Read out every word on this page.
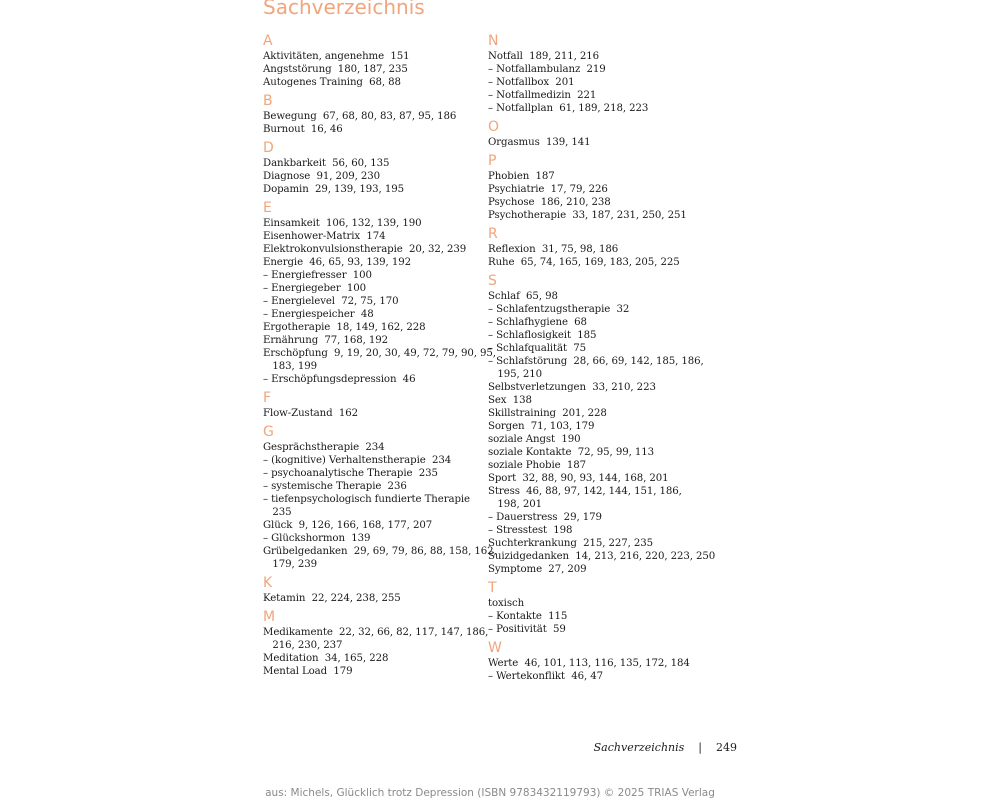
Sachverzeichnis
A
Aktivitäten, angenehme  151
Angststörung  180, 187, 235
Autogenes Training  68, 88
B
Bewegung  67, 68, 80, 83, 87, 95, 186
Burnout  16, 46
D
Dankbarkeit  56, 60, 135
Diagnose  91, 209, 230
Dopamin  29, 139, 193, 195
E
Einsamkeit  106, 132, 139, 190
Eisenhower-Matrix  174
Elektrokonvulsionstherapie  20, 32, 239
Energie  46, 65, 93, 139, 192
– Energiefresser  100
– Energiegeber  100
– Energielevel  72, 75, 170
– Energiespeicher  48
Ergotherapie  18, 149, 162, 228
Ernährung  77, 168, 192
Erschöpfung  9, 19, 20, 30, 49, 72, 79, 90, 95,
183, 199
– Erschöpfungsdepression  46
F
Flow-Zustand  162
G
Gesprächstherapie  234
– (kognitive) Verhaltenstherapie  234
– psychoanalytische Therapie  235
– systemische Therapie  236
– tiefenpsychologisch fundierte Therapie
235
Glück  9, 126, 166, 168, 177, 207
– Glückshormon  139
Grübelgedanken  29, 69, 79, 86, 88, 158, 162,
179, 239
K
Ketamin  22, 224, 238, 255
M
Medikamente  22, 32, 66, 82, 117, 147, 186,
216, 230, 237
Meditation  34, 165, 228
Mental Load  179
N
Notfall  189, 211, 216
– Notfallambulanz  219
– Notfallbox  201
– Notfallmedizin  221
– Notfallplan  61, 189, 218, 223
O
Orgasmus  139, 141
P
Phobien  187
Psychiatrie  17, 79, 226
Psychose  186, 210, 238
Psychotherapie  33, 187, 231, 250, 251
R
Reflexion  31, 75, 98, 186
Ruhe  65, 74, 165, 169, 183, 205, 225
S
Schlaf  65, 98
– Schlafentzugstherapie  32
– Schlafhygiene  68
– Schlaflosigkeit  185
– Schlafqualität  75
– Schlafstörung  28, 66, 69, 142, 185, 186,
195, 210
Selbstverletzungen  33, 210, 223
Sex  138
Skillstraining  201, 228
Sorgen  71, 103, 179
soziale Angst  190
soziale Kontakte  72, 95, 99, 113
soziale Phobie  187
Sport  32, 88, 90, 93, 144, 168, 201
Stress  46, 88, 97, 142, 144, 151, 186,
198, 201
– Dauerstress  29, 179
– Stresstest  198
Suchterkrankung  215, 227, 235
Suizidgedanken  14, 213, 216, 220, 223, 250
Symptome  27, 209
T
toxisch
– Kontakte  115
– Positivität  59
W
Werte  46, 101, 113, 116, 135, 172, 184
– Wertekonflikt  46, 47
Sachverzeichnis | 249
aus: Michels, Glücklich trotz Depression (ISBN 9783432119793) © 2025 TRIAS Verlag
